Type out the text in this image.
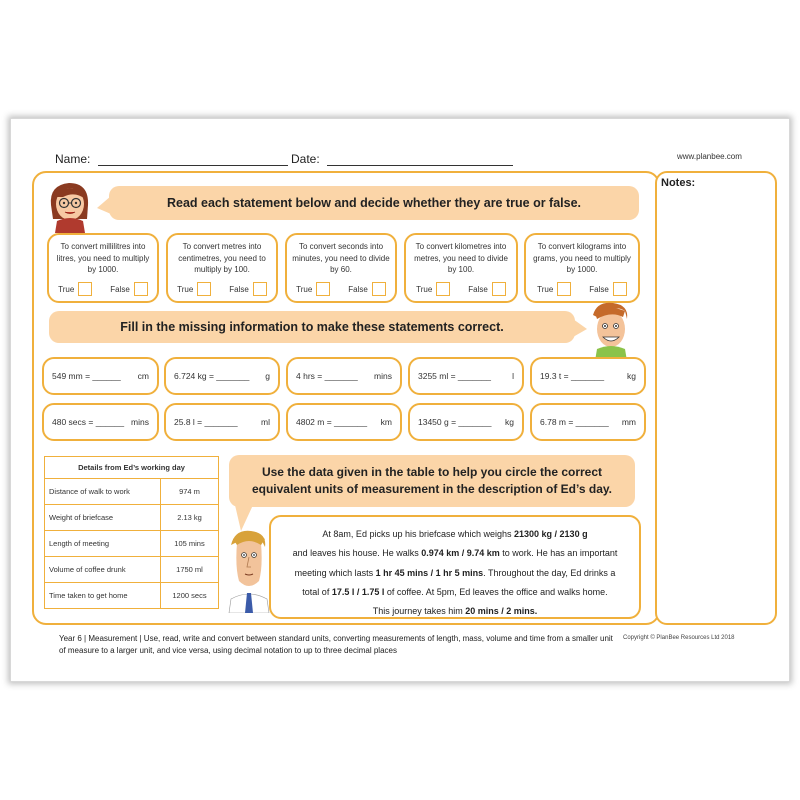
Name:	Date:	www.planbee.com
Notes:
Read each statement below and decide whether they are true or false.
To convert millilitres into litres, you need to multiply by 1000.
True	False
To convert metres into centimetres, you need to multiply by 100.
True	False
To convert seconds into minutes, you need to divide by 60.
True	False
To convert kilometres into metres, you need to divide by 100.
True	False
To convert kilograms into grams, you need to multiply by 1000.
True	False
Fill in the missing information to make these statements correct.
549 mm = ______ cm	6.724 kg = _______ g	4 hrs = _______ mins	3255 ml = _______ l	19.3 t = _______	kg
480 secs = ______ mins	25.8 l = _______	ml	4802 m = _______ km	13450 g = _______ kg	6.78 m = _______ mm
Details from Ed’s working day	
Distance of walk to work	974 m
Weight of briefcase	2.13 kg
Length of meeting	105 mins
Volume of coffee drunk	1750 ml
Time taken to get home	1200 secs
Use the data given in the table to help you circle the correct
equivalent units of measurement in the description of Ed’s day.
At 8am, Ed picks up his briefcase which weighs 21300 kg / 2130 g
and leaves his house. He walks 0.974 km / 9.74 km to work. He has an important
meeting which lasts 1 hr 45 mins / 1 hr 5 mins. Throughout the day, Ed drinks a
total of 17.5 l / 1.75 l of coffee. At 5pm, Ed leaves the office and walks home.
This journey takes him 20 mins / 2 mins.
Year 6 | Measurement | Use, read, write and convert between standard units, converting measurements of length, mass, volume and time from a smaller unit of measure to a larger unit, and vice versa, using decimal notation to up to three decimal places
Copyright © PlanBee Resources Ltd 2018
